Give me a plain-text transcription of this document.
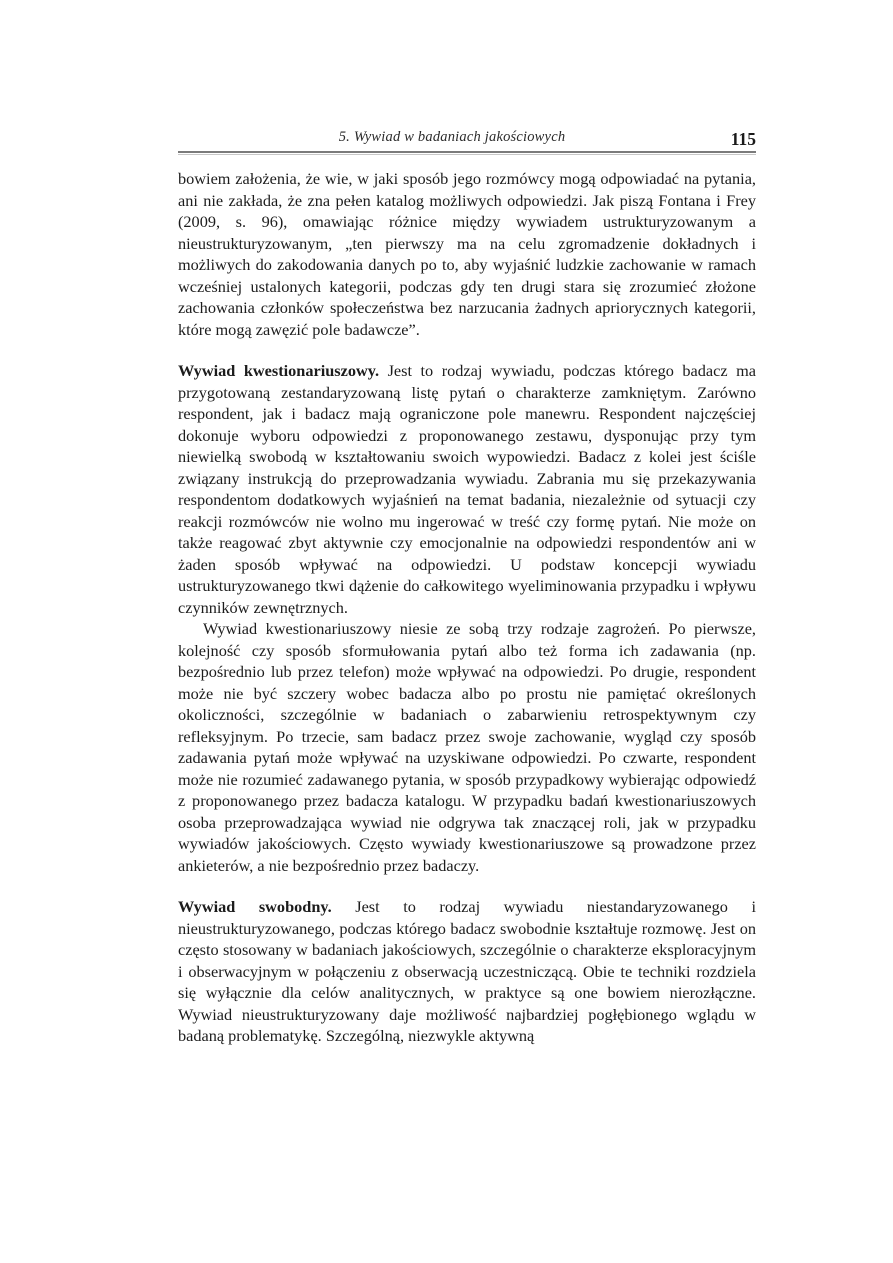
5. Wywiad w badaniach jakościowych	115

bowiem założenia, że wie, w jaki sposób jego rozmówcy mogą odpowiadać na pytania, ani nie zakłada, że zna pełen katalog możliwych odpowiedzi. Jak piszą Fontana i Frey (2009, s. 96), omawiając różnice między wywiadem ustrukturyzowanym a nieustrukturyzowanym, „ten pierwszy ma na celu zgromadzenie dokładnych i możliwych do zakodowania danych po to, aby wyjaśnić ludzkie zachowanie w ramach wcześniej ustalonych kategorii, podczas gdy ten drugi stara się zrozumieć złożone zachowania członków społeczeństwa bez narzucania żadnych apriorycznych kategorii, które mogą zawęzić pole badawcze”.

Wywiad kwestionariuszowy. Jest to rodzaj wywiadu, podczas którego badacz ma przygotowaną zestandaryzowaną listę pytań o charakterze zamkniętym. Zarówno respondent, jak i badacz mają ograniczone pole manewru. Respondent najczęściej dokonuje wyboru odpowiedzi z proponowanego zestawu, dysponując przy tym niewielką swobodą w kształtowaniu swoich wypowiedzi. Badacz z kolei jest ściśle związany instrukcją do przeprowadzania wywiadu. Zabrania mu się przekazywania respondentom dodatkowych wyjaśnień na temat badania, niezależnie od sytuacji czy reakcji rozmówców nie wolno mu ingerować w treść czy formę pytań. Nie może on także reagować zbyt aktywnie czy emocjonalnie na odpowiedzi respondentów ani w żaden sposób wpływać na odpowiedzi. U podstaw koncepcji wywiadu ustrukturyzowanego tkwi dążenie do całkowitego wyeliminowania przypadku i wpływu czynników zewnętrznych.

Wywiad kwestionariuszowy niesie ze sobą trzy rodzaje zagrożeń. Po pierwsze, kolejność czy sposób sformułowania pytań albo też forma ich zadawania (np. bezpośrednio lub przez telefon) może wpływać na odpowiedzi. Po drugie, respondent może nie być szczery wobec badacza albo po prostu nie pamiętać określonych okoliczności, szczególnie w badaniach o zabarwieniu retrospektywnym czy refleksyjnym. Po trzecie, sam badacz przez swoje zachowanie, wygląd czy sposób zadawania pytań może wpływać na uzyskiwane odpowiedzi. Po czwarte, respondent może nie rozumieć zadawanego pytania, w sposób przypadkowy wybierając odpowiedź z proponowanego przez badacza katalogu. W przypadku badań kwestionariuszowych osoba przeprowadzająca wywiad nie odgrywa tak znaczącej roli, jak w przypadku wywiadów jakościowych. Często wywiady kwestionariuszowe są prowadzone przez ankieterów, a nie bezpośrednio przez badaczy.

Wywiad swobodny. Jest to rodzaj wywiadu niestandaryzowanego i nieustrukturyzowanego, podczas którego badacz swobodnie kształtuje rozmowę. Jest on często stosowany w badaniach jakościowych, szczególnie o charakterze eksploracyjnym i obserwacyjnym w połączeniu z obserwacją uczestniczącą. Obie te techniki rozdziela się wyłącznie dla celów analitycznych, w praktyce są one bowiem nierozłączne. Wywiad nieustrukturyzowany daje możliwość najbardziej pogłębionego wglądu w badaną problematykę. Szczególną, niezwykle aktywną
